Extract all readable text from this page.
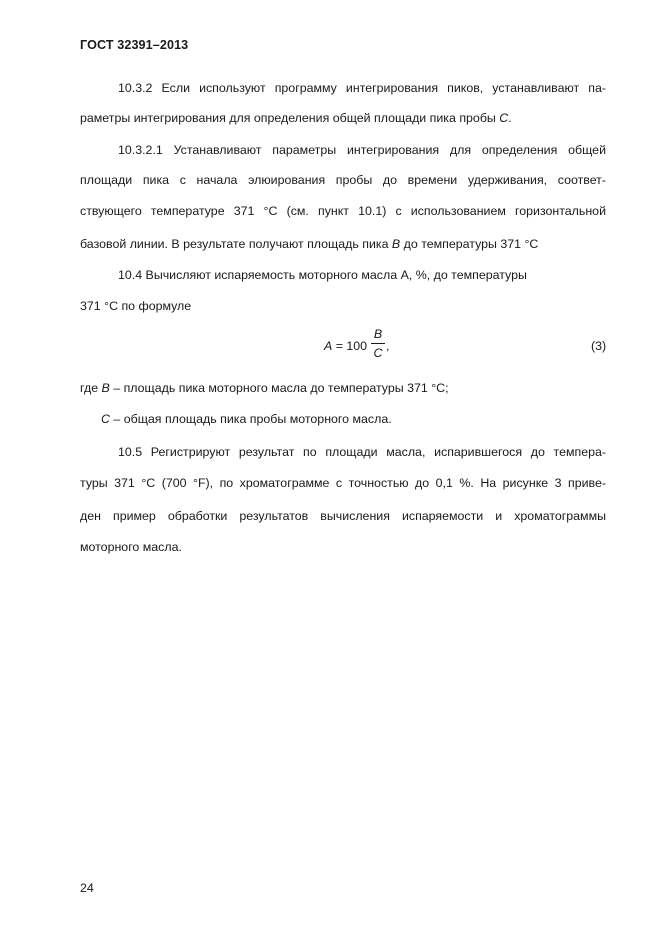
ГОСТ 32391–2013
10.3.2 Если используют программу интегрирования пиков, устанавливают па-
раметры интегрирования для определения общей площади пика пробы C.
10.3.2.1 Устанавливают параметры интегрирования для определения общей
площади пика с начала элюирования пробы до времени удерживания, соответ-
ствующего температуре 371 °С (см. пункт 10.1) с использованием горизонтальной
базовой линии. В результате получают площадь пика B до температуры 371 °С
10.4 Вычисляют испаряемость моторного масла А, %, до температуры
371 °С по формуле
A = 100
B
C ,	(3)
где B – площадь пика моторного масла до температуры 371 °С;
C – общая площадь пика пробы моторного масла.
10.5 Регистрируют результат по площади масла, испарившегося до темпера-
туры 371 °С (700 °F), по хроматограмме с точностью до 0,1 %. На рисунке 3 приве-
ден пример обработки результатов вычисления испаряемости и хроматограммы
моторного масла.
24
